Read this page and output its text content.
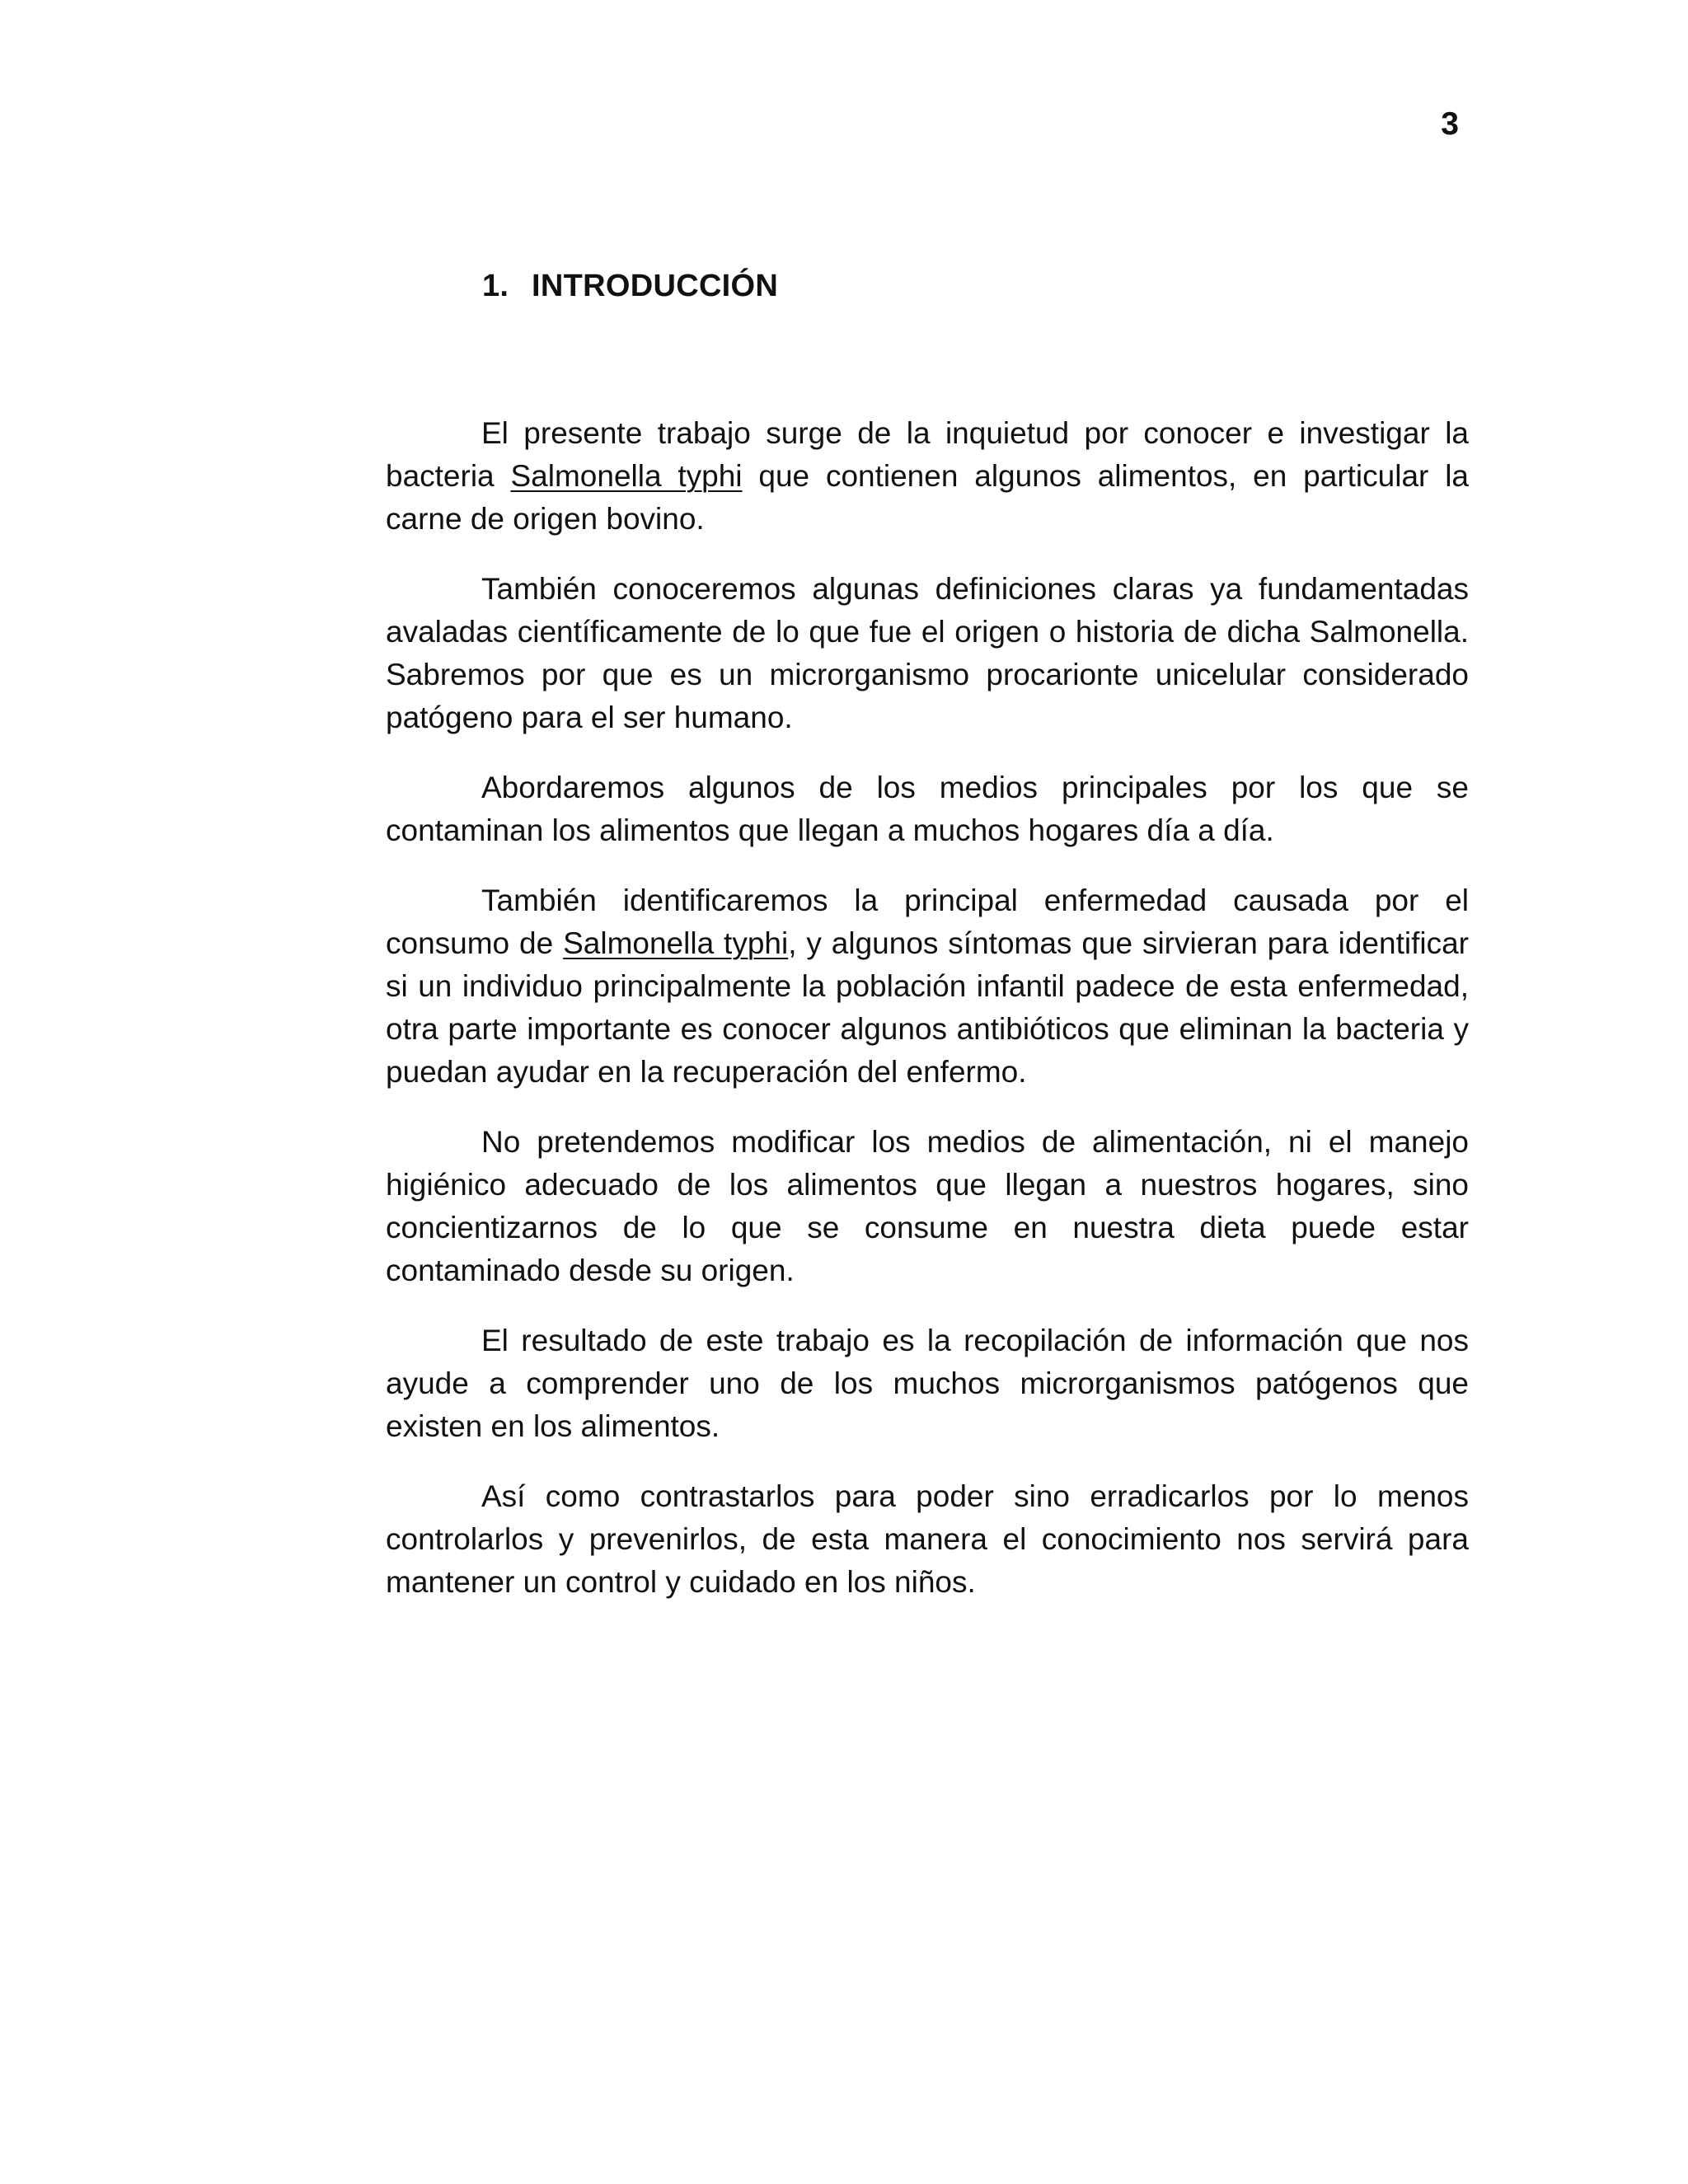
3
1. INTRODUCCIÓN

El presente trabajo surge de la inquietud por conocer e investigar la bacteria Salmonella typhi que contienen algunos alimentos, en particular la carne de origen bovino.

También conoceremos algunas definiciones claras ya fundamentadas avaladas científicamente de lo que fue el origen o historia de dicha Salmonella. Sabremos por que es un microrganismo procarionte unicelular considerado patógeno para el ser humano.

Abordaremos algunos de los medios principales por los que se contaminan los alimentos que llegan a muchos hogares día a día.

También identificaremos la principal enfermedad causada por el consumo de Salmonella typhi, y algunos síntomas que sirvieran para identificar si un individuo principalmente la población infantil padece de esta enfermedad, otra parte importante es conocer algunos antibióticos que eliminan la bacteria y puedan ayudar en la recuperación del enfermo.

No pretendemos modificar los medios de alimentación, ni el manejo higiénico adecuado de los alimentos que llegan a nuestros hogares, sino concientizarnos de lo que se consume en nuestra dieta puede estar contaminado desde su origen.

El resultado de este trabajo es la recopilación de información que nos ayude a comprender uno de los muchos microrganismos patógenos que existen en los alimentos.

Así como contrastarlos para poder sino erradicarlos por lo menos controlarlos y prevenirlos, de esta manera el conocimiento nos servirá para mantener un control y cuidado en los niños.
